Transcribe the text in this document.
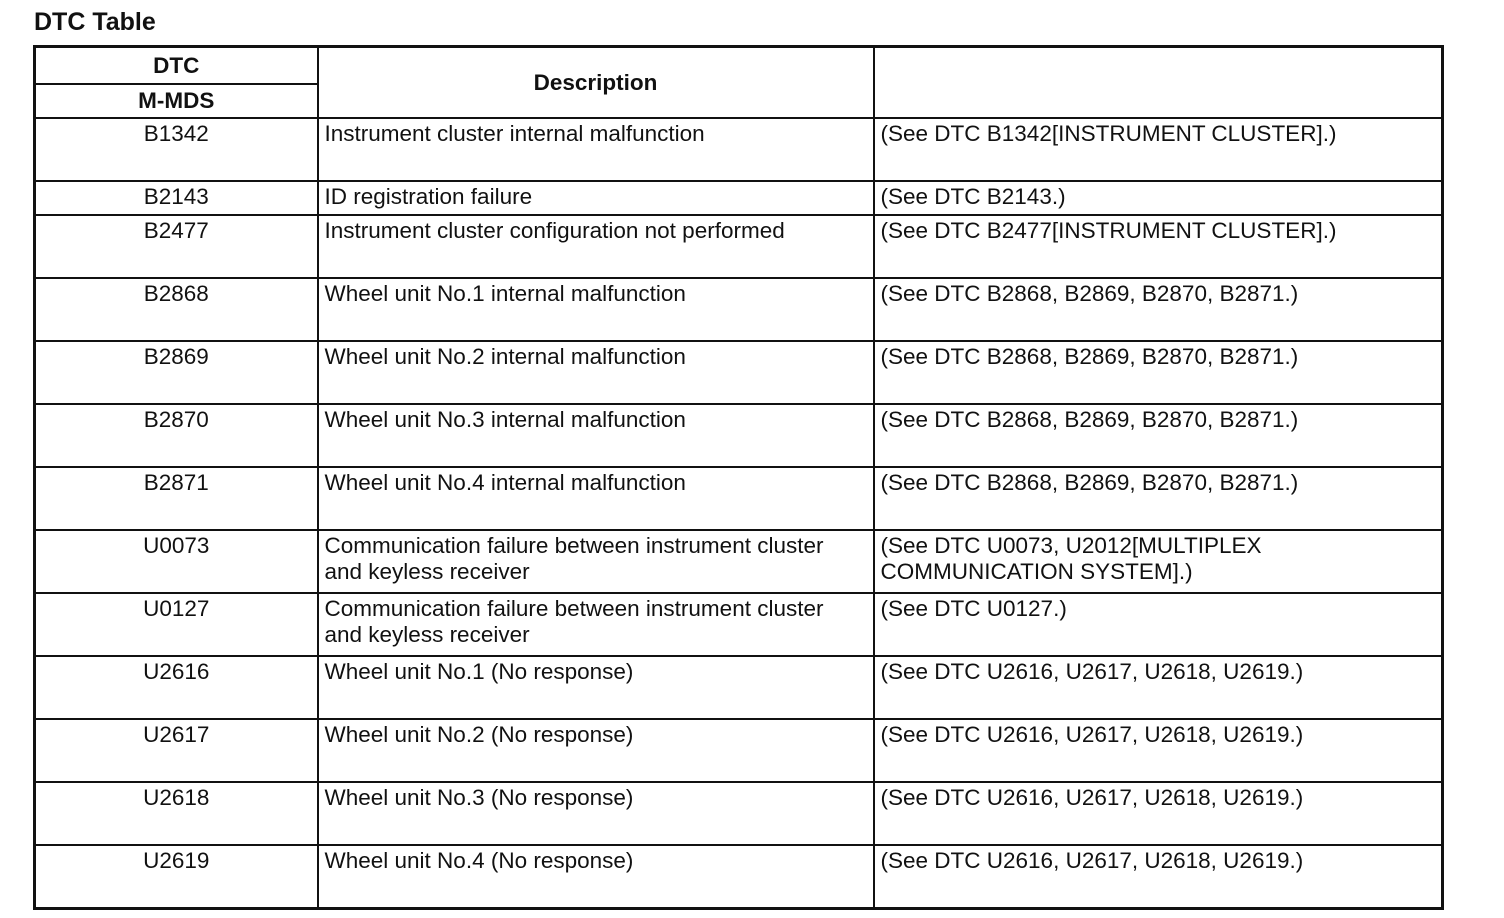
DTC Table
DTC	Description	
M-MDS		
B1342	Instrument cluster internal malfunction	(See DTC B1342[INSTRUMENT CLUSTER].)
B2143	ID registration failure	(See DTC B2143.)
B2477	Instrument cluster configuration not performed	(See DTC B2477[INSTRUMENT CLUSTER].)
B2868	Wheel unit No.1 internal malfunction	(See DTC B2868, B2869, B2870, B2871.)
B2869	Wheel unit No.2 internal malfunction	(See DTC B2868, B2869, B2870, B2871.)
B2870	Wheel unit No.3 internal malfunction	(See DTC B2868, B2869, B2870, B2871.)
B2871	Wheel unit No.4 internal malfunction	(See DTC B2868, B2869, B2870, B2871.)
U0073	Communication failure between instrument cluster and keyless receiver	(See DTC U0073, U2012[MULTIPLEX COMMUNICATION SYSTEM].)
U0127	Communication failure between instrument cluster and keyless receiver	(See DTC U0127.)
U2616	Wheel unit No.1 (No response)	(See DTC U2616, U2617, U2618, U2619.)
U2617	Wheel unit No.2 (No response)	(See DTC U2616, U2617, U2618, U2619.)
U2618	Wheel unit No.3 (No response)	(See DTC U2616, U2617, U2618, U2619.)
U2619	Wheel unit No.4 (No response)	(See DTC U2616, U2617, U2618, U2619.)
